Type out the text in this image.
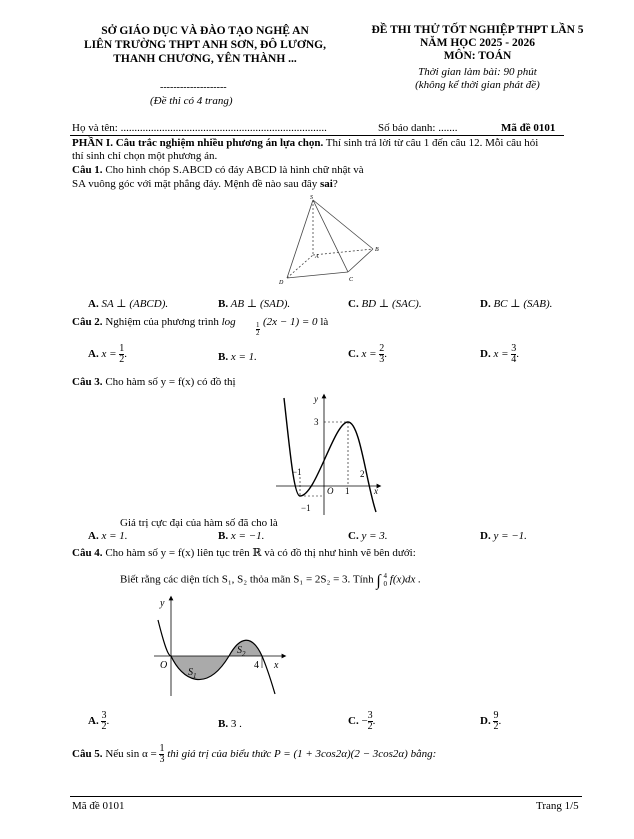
SỞ GIÁO DỤC VÀ ĐÀO TẠO NGHỆ AN
LIÊN TRƯỜNG THPT ANH SƠN, ĐÔ LƯƠNG,
THANH CHƯƠNG, YÊN THÀNH ...
--------------------
(Đề thi có 4 trang)
ĐỀ THI THỬ TỐT NGHIỆP THPT LẦN 5
NĂM HỌC 2025 - 2026
MÔN: TOÁN
Thời gian làm bài: 90 phút
(không kể thời gian phát đề)
Họ và tên: ...........................................................................	Số báo danh: .......	Mã đề 0101
PHẦN I. Câu trắc nghiệm nhiều phương án lựa chọn. Thí sinh trả lời từ câu 1 đến câu 12. Mỗi câu hỏi
thí sinh chỉ chọn một phương án.
Câu 1. Cho hình chóp S.ABCD có đáy ABCD là hình chữ nhật và
SA vuông góc với mặt phẳng đáy. Mệnh đề nào sau đây sai?
S
A
B
C
D
A. SA ⊥ (ABCD).	B. AB ⊥ (SAD).	C. BD ⊥ (SAC).	D. BC ⊥ (SAB).
Câu 2. Nghiệm của phương trình log	1
2
(2x − 1) = 0 là
A. $x = \frac{1}{2}$ .	B. x = 1.	C. $x = \frac{2}{3}$ .	D. $x = \frac{3}{4}$ .
Câu 3. Cho hàm số y = f(x) có đồ thị
y
x
O
3
−1
1
2
−1
Giá trị cực đại của hàm số đã cho là
A. x = 1.	B. x = −1.	C. y = 3.	D. y = −1.
Câu 4. Cho hàm số y = f(x) liên tục trên ℝ và có đồ thị như hình vẽ bên dưới:
Biết rằng các diện tích S₁, S₂ thỏa mãn S₁ = 2S₂ = 3. Tính ∫ 4
0 f(x)dx .
y
x
O
$S_1$
$S_2$
4
A. $\frac{3}{2}$ .	B. 3 .	C. − $\frac{3}{2}$ .	D. $\frac{9}{2}$ .
Câu 5. Nếu $\sin \alpha = \frac{1}{3}$ thì giá trị của biểu thức P = (1 + 3cos2α)(2 − 3cos2α) bằng:
Mã đề 0101	Trang 1/5
